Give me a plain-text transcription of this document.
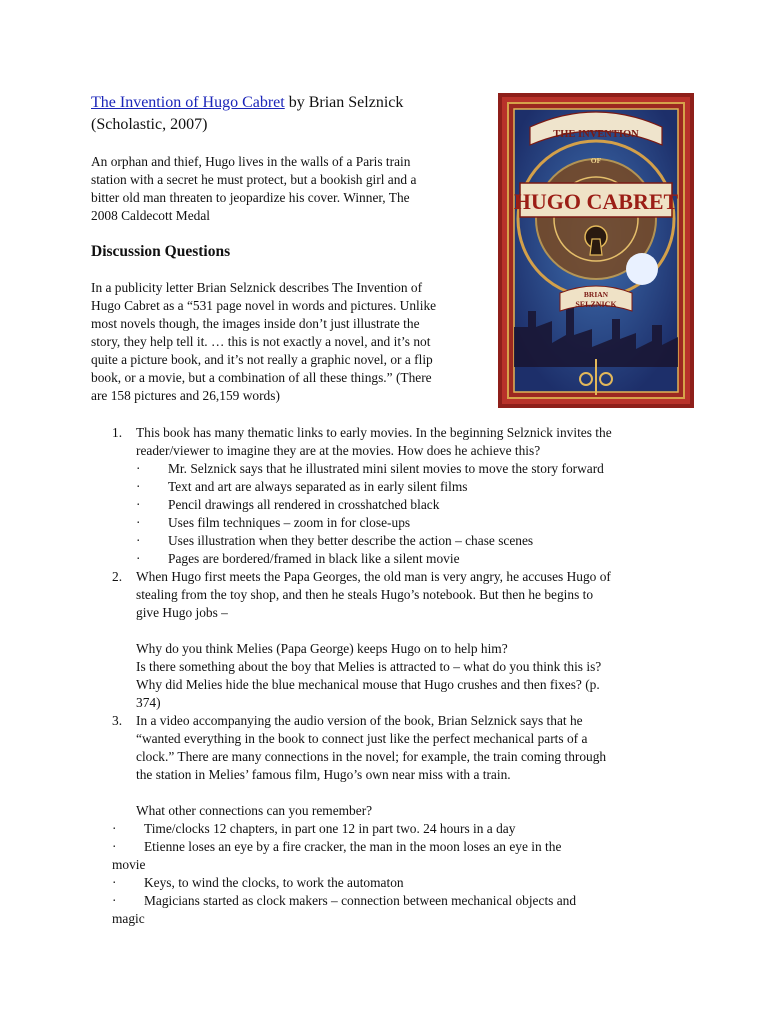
The Invention of Hugo Cabret by Brian Selznick
(Scholastic, 2007)
An orphan and thief, Hugo lives in the walls of a Paris train
station with a secret he must protect, but a bookish girl and a
bitter old man threaten to jeopardize his cover. Winner, The
2008 Caldecott Medal
Discussion Questions
In a publicity letter Brian Selznick describes The Invention of
Hugo Cabret as a “531 page novel in words and pictures. Unlike
most novels though, the images inside don’t just illustrate the
story, they help tell it. … this is not exactly a novel, and it’s not
quite a picture book, and it’s not really a graphic novel, or a flip
book, or a movie, but a combination of all these things.” (There
are 158 pictures and 26,159 words)
THE INVENTION
OF
HUGO CABRET
BRIAN
SELZNICK
1. This book has many thematic links to early movies. In the beginning Selznick invites the
reader/viewer to imagine they are at the movies. How does he achieve this?
· Mr. Selznick says that he illustrated mini silent movies to move the story forward
· Text and art are always separated as in early silent films
· Pencil drawings all rendered in crosshatched black
· Uses film techniques – zoom in for close-ups
· Uses illustration when they better describe the action – chase scenes
· Pages are bordered/framed in black like a silent movie
2. When Hugo first meets the Papa Georges, the old man is very angry, he accuses Hugo of
stealing from the toy shop, and then he steals Hugo’s notebook. But then he begins to
give Hugo jobs –
Why do you think Melies (Papa George) keeps Hugo on to help him?
Is there something about the boy that Melies is attracted to – what do you think this is?
Why did Melies hide the blue mechanical mouse that Hugo crushes and then fixes? (p.
374)
3. In a video accompanying the audio version of the book, Brian Selznick says that he
“wanted everything in the book to connect just like the perfect mechanical parts of a
clock.” There are many connections in the novel; for example, the train coming through
the station in Melies’ famous film, Hugo’s own near miss with a train.
What other connections can you remember?
· Time/clocks 12 chapters, in part one 12 in part two. 24 hours in a day
· Etienne loses an eye by a fire cracker, the man in the moon loses an eye in the
movie
· Keys, to wind the clocks, to work the automaton
· Magicians started as clock makers – connection between mechanical objects and
magic
